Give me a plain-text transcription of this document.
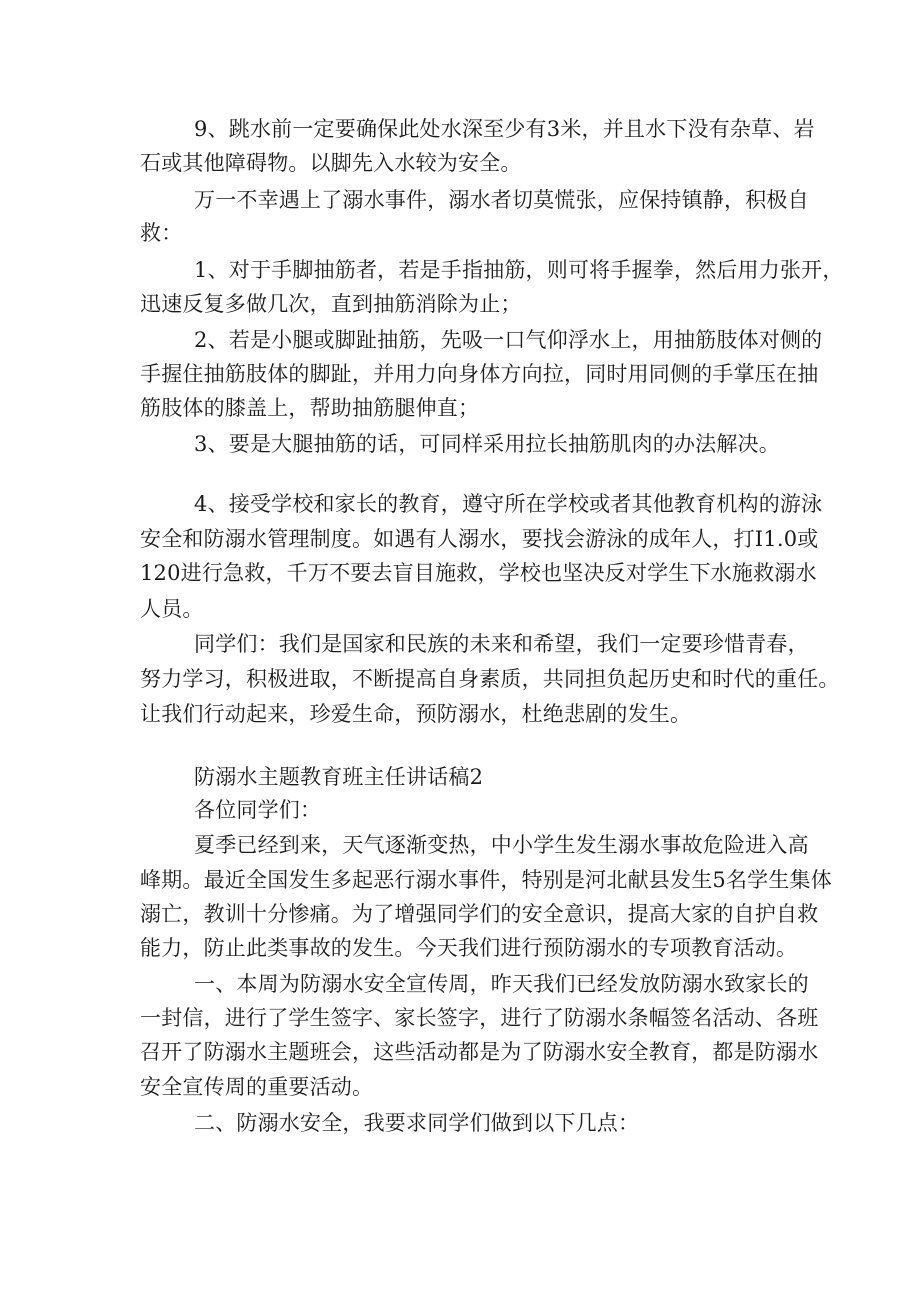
9、跳水前一定要确保此处水深至少有3米，并且水下没有杂草、岩
石或其他障碍物。以脚先入水较为安全。
万一不幸遇上了溺水事件，溺水者切莫慌张，应保持镇静，积极自
救：
1、对于手脚抽筋者，若是手指抽筋，则可将手握拳，然后用力张开，
迅速反复多做几次，直到抽筋消除为止；
2、若是小腿或脚趾抽筋，先吸一口气仰浮水上，用抽筋肢体对侧的
手握住抽筋肢体的脚趾，并用力向身体方向拉，同时用同侧的手掌压在抽
筋肢体的膝盖上，帮助抽筋腿伸直；
3、要是大腿抽筋的话，可同样采用拉长抽筋肌肉的办法解决。
4、接受学校和家长的教育，遵守所在学校或者其他教育机构的游泳
安全和防溺水管理制度。如遇有人溺水，要找会游泳的成年人，打I1.0或
120进行急救，千万不要去盲目施救，学校也坚决反对学生下水施救溺水
人员。
同学们：我们是国家和民族的未来和希望，我们一定要珍惜青春，
努力学习，积极进取，不断提高自身素质，共同担负起历史和时代的重任。
让我们行动起来，珍爱生命，预防溺水，杜绝悲剧的发生。
防溺水主题教育班主任讲话稿2
各位同学们：
夏季已经到来，天气逐渐变热，中小学生发生溺水事故危险进入高
峰期。最近全国发生多起恶行溺水事件，特别是河北献县发生5名学生集体
溺亡，教训十分惨痛。为了增强同学们的安全意识，提高大家的自护自救
能力，防止此类事故的发生。今天我们进行预防溺水的专项教育活动。
一、本周为防溺水安全宣传周，昨天我们已经发放防溺水致家长的
一封信，进行了学生签字、家长签字，进行了防溺水条幅签名活动、各班
召开了防溺水主题班会，这些活动都是为了防溺水安全教育，都是防溺水
安全宣传周的重要活动。
二、防溺水安全，我要求同学们做到以下几点：
